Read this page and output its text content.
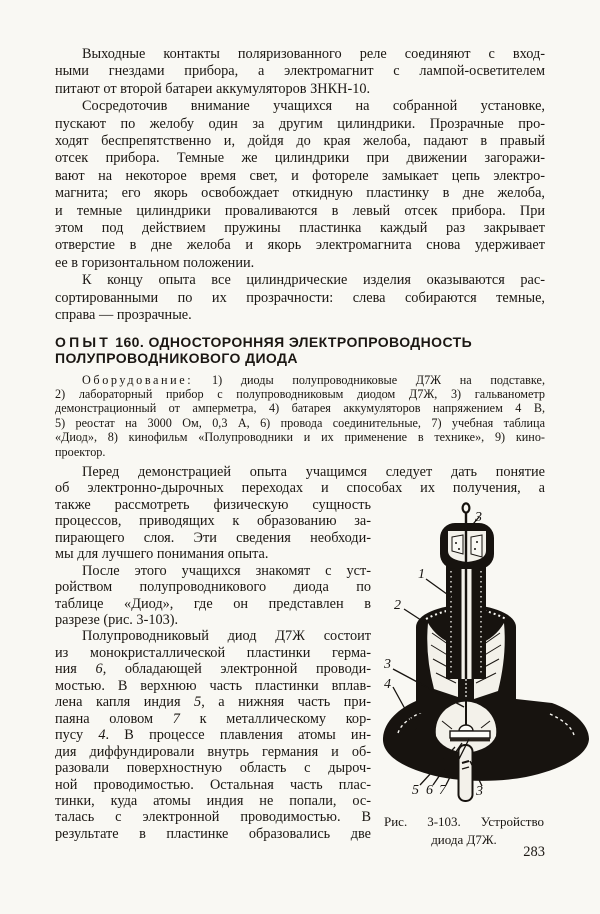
Выходные контакты поляризованного реле соединяют с вход-
ными гнездами прибора, а электромагнит с лампой-осветителем
питают от второй батареи аккумуляторов ЗНКН-10.
Сосредоточив внимание учащихся на собранной установке,
пускают по желобу один за другим цилиндрики. Прозрачные про-
ходят беспрепятственно и, дойдя до края желоба, падают в правый
отсек прибора. Темные же цилиндрики при движении загоражи-
вают на некоторое время свет, и фотореле замыкает цепь электро-
магнита; его якорь освобождает откидную пластинку в дне желоба,
и темные цилиндрики проваливаются в левый отсек прибора. При
этом под действием пружины пластинка каждый раз закрывает
отверстие в дне желоба и якорь электромагнита снова удерживает
ее в горизонтальном положении.
К концу опыта все цилиндрические изделия оказываются рас-
сортированными по их прозрачности: слева собираются темные,
справа — прозрачные.
ОПЫТ 160. ОДНОСТОРОННЯЯ ЭЛЕКТРОПРОВОДНОСТЬ
ПОЛУПРОВОДНИКОВОГО ДИОДА
Оборудование: 1) диоды полупроводниковые Д7Ж на подставке,
2) лабораторный прибор с полупроводниковым диодом Д7Ж, 3) гальванометр
демонстрационный от амперметра, 4) батарея аккумуляторов напряжением 4 В,
5) реостат на 3000 Ом, 0,3 А, 6) провода соединительные, 7) учебная таблица
«Диод», 8) кинофильм «Полупроводники и их применение в технике», 9) кино-
проектор.
Перед демонстрацией опыта учащимся следует дать понятие
об электронно-дырочных переходах и способах их получения, а
также рассмотреть физическую сущность
процессов, приводящих к образованию за-
пирающего слоя. Эти сведения необходи-
мы для лучшего понимания опыта.
После этого учащихся знакомят с уст-
ройством полупроводникового диода по
таблице «Диод», где он представлен в
разрезе (рис. 3-103).
Полупроводниковый диод Д7Ж состоит
из монокристаллической пластинки герма-
ния 6, обладающей электронной проводи-
мостью. В верхнюю часть пластинки вплав-
лена капля индия 5, а нижняя часть при-
паяна оловом 7 к металлическому кор-
пусу 4. В процессе плавления атомы ин-
дия диффундировали внутрь германия и об-
разовали поверхностную область с дыроч-
ной проводимостью. Остальная часть плас-
тинки, куда атомы индия не попали, ос-
талась с электронной проводимостью. В
результате в пластинке образовались две
3
1
2
3
4
5 6 7 3
Рис. 3-103. Устройство
диода Д7Ж.
283
